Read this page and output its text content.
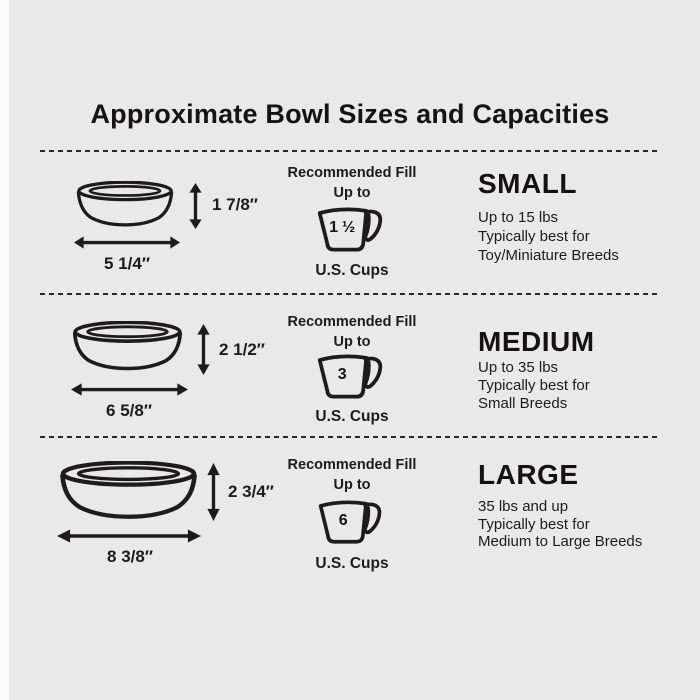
Approximate Bowl Sizes and Capacities
1 7/8″
5 1/4″
Recommended Fill
Up to
1 ½
U.S. Cups
SMALL
Up to 15 lbs
Typically best for
Toy/Miniature Breeds
2 1/2″
6 5/8″
Recommended Fill
Up to
3
U.S. Cups
MEDIUM
Up to 35 lbs
Typically best for
Small Breeds
2 3/4″
8 3/8″
Recommended Fill
Up to
6
U.S. Cups
LARGE
35 lbs and up
Typically best for
Medium to Large Breeds
